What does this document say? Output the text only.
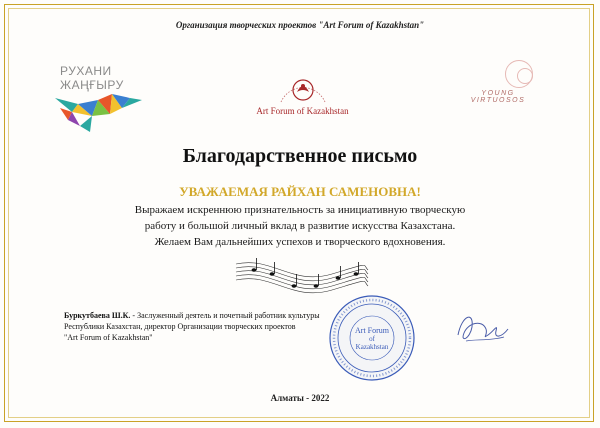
Организация творческих проектов "Art Forum of Kazakhstan"
РУХАНИ
ЖАҢҒЫРУ
Art Forum of Kazakhstan
YOUNG VIRTUOSOS
Благодарственное письмо
УВАЖАЕМАЯ РАЙХАН САМЕНОВНА!
Выражаем искреннюю признательность за инициативную творческую
работу и большой личный вклад в развитие искусства Казахстана.
Желаем Вам дальнейших успехов и творческого вдохновения.
Буркутбаева Ш.К. - Заслуженный деятель и почетный работник культуры
Республики Казахстан, директор Организации творческих проектов
"Art Forum of Kazakhstan"
Art Forum
of
Kazakhstan
Алматы - 2022
